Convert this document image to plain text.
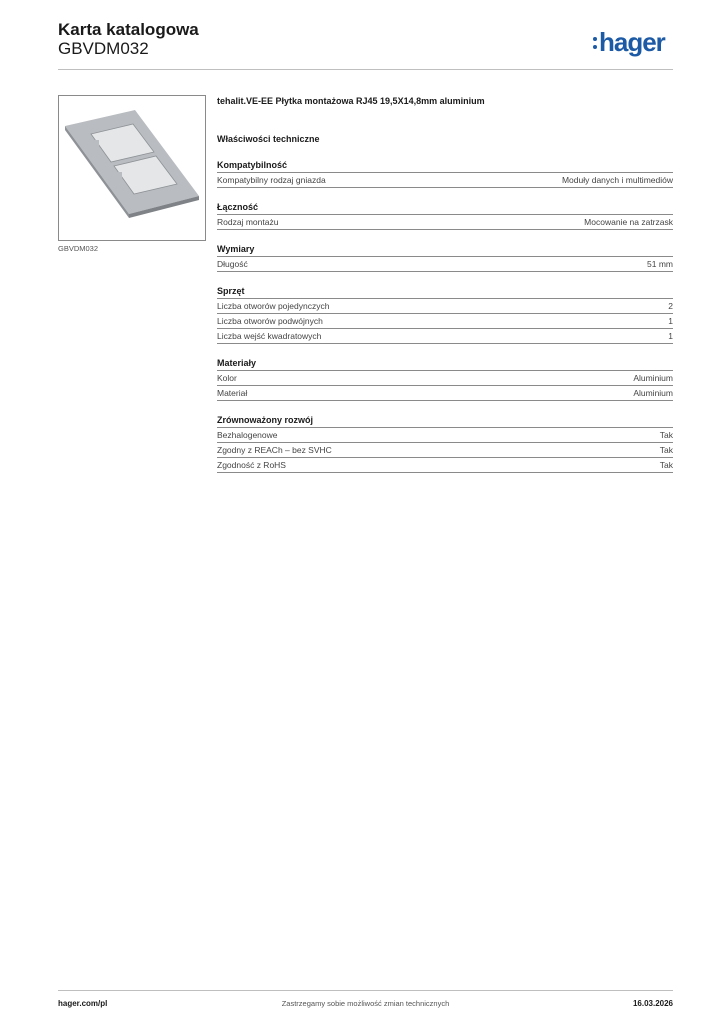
Karta katalogowa
GBVDM032	hager
GBVDM032
tehalit.VE-EE Płytka montażowa RJ45 19,5X14,8mm aluminium
Właściwości techniczne
Kompatybilność
Kompatybilny rodzaj gniazda	Moduły danych i multimediów
Łączność
Rodzaj montażu	Mocowanie na zatrzask
Wymiary
Długość	51 mm
Sprzęt
Liczba otworów pojedynczych	2
Liczba otworów podwójnych	1
Liczba wejść kwadratowych	1
Materiały
Kolor	Aluminium
Materiał	Aluminium
Zrównoważony rozwój
Bezhalogenowe	Tak
Zgodny z REACh – bez SVHC	Tak
Zgodność z RoHS	Tak
Zastrzegamy sobie możliwość zmian technicznych
hager.com/pl	16.03.2026
